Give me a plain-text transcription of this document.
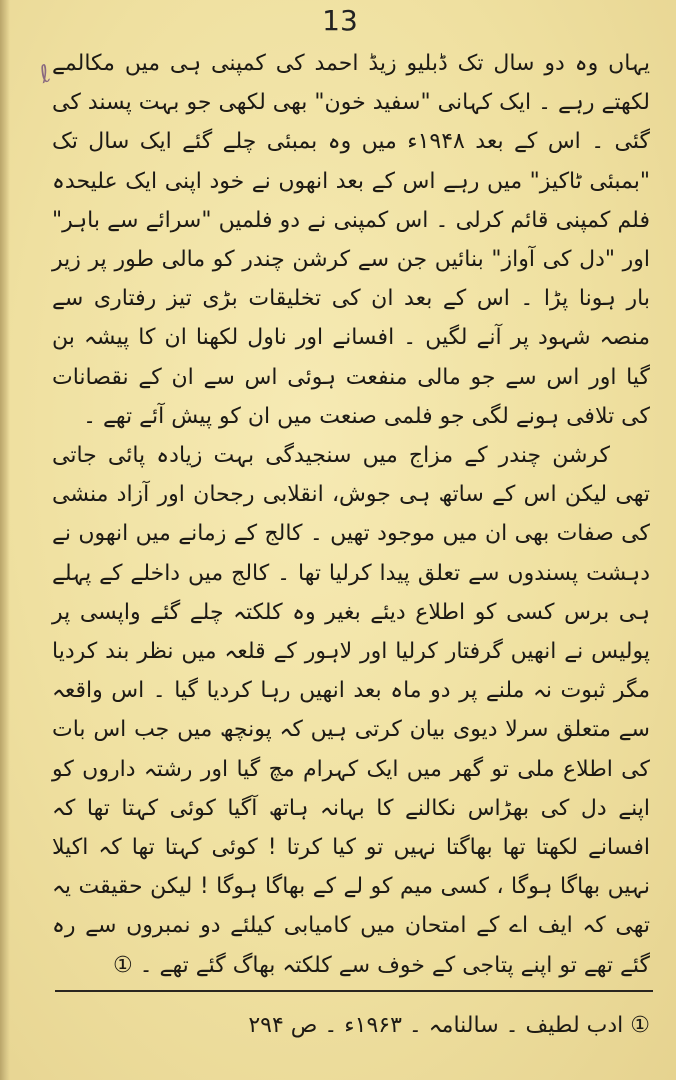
13
ℓ

یہاں وہ دو سال تک ڈبلیو زیڈ احمد کی کمپنی ہی میں مکالمے لکھتے رہے ۔ ایک کہانی "سفید خون" بھی لکھی جو بہت پسند کی گئی ۔ اس کے بعد ۱۹۴۸ء میں وہ بمبئی چلے گئے ایک سال تک "بمبئی ٹاکیز" میں رہے اس کے بعد انھوں نے خود اپنی ایک علیحدہ فلم کمپنی قائم کرلی ۔ اس کمپنی نے دو فلمیں "سرائے سے باہر" اور "دل کی آواز" بنائیں جن سے کرشن چندر کو مالی طور پر زیر بار ہونا پڑا ۔ اس کے بعد ان کی تخلیقات بڑی تیز رفتاری سے منصہ شہود پر آنے لگیں ۔ افسانے اور ناول لکھنا ان کا پیشہ بن گیا اور اس سے جو مالی منفعت ہوئی اس سے ان کے نقصانات کی تلافی ہونے لگی جو فلمی صنعت میں ان کو پیش آئے تھے ۔

کرشن چندر کے مزاج میں سنجیدگی بہت زیادہ پائی جاتی تھی لیکن اس کے ساتھ ہی جوش، انقلابی رجحان اور آزاد منشی کی صفات بھی ان میں موجود تھیں ۔ کالج کے زمانے میں انھوں نے دہشت پسندوں سے تعلق پیدا کرلیا تھا ۔ کالج میں داخلے کے پہلے ہی برس کسی کو اطلاع دیئے بغیر وہ کلکتہ چلے گئے واپسی پر پولیس نے انھیں گرفتار کرلیا اور لاہور کے قلعہ میں نظر بند کردیا مگر ثبوت نہ ملنے پر دو ماہ بعد انھیں رہا کردیا گیا ۔ اس واقعہ سے متعلق سرلا دیوی بیان کرتی ہیں کہ پونچھ میں جب اس بات کی اطلاع ملی تو گھر میں ایک کہرام مچ گیا اور رشتہ داروں کو اپنے دل کی بھڑاس نکالنے کا بہانہ ہاتھ آگیا کوئی کہتا تھا کہ افسانے لکھتا تھا بھاگتا نہیں تو کیا کرتا ! کوئی کہتا تھا کہ اکیلا نہیں بھاگا ہوگا ، کسی میم کو لے کے بھاگا ہوگا ! لیکن حقیقت یہ تھی کہ ایف اے کے امتحان میں کامیابی کیلئے دو نمبروں سے رہ گئے تھے تو اپنے پتاجی کے خوف سے کلکتہ بھاگ گئے تھے ۔ ①

① ادب لطیف ۔ سالنامہ ۔ ۱۹۶۳ء ۔ ص ۲۹۴
